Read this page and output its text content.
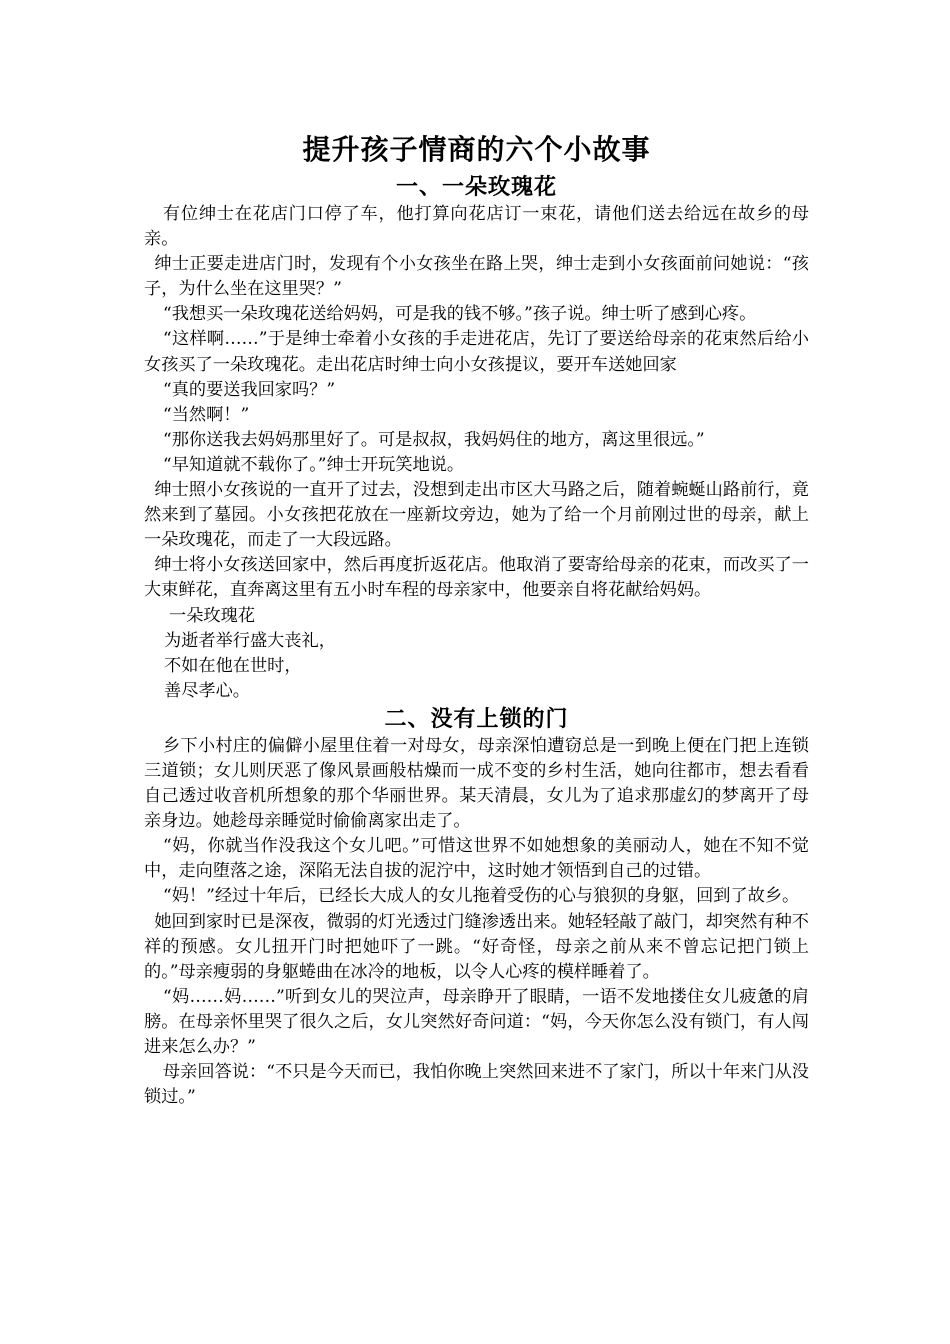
提升孩子情商的六个小故事
一、一朵玫瑰花

有位绅士在花店门口停了车，他打算向花店订一束花，请他们送去给远在故乡的母亲。

绅士正要走进店门时，发现有个小女孩坐在路上哭，绅士走到小女孩面前问她说：“孩子，为什么坐在这里哭？”

“我想买一朵玫瑰花送给妈妈，可是我的钱不够。”孩子说。绅士听了感到心疼。

“这样啊……”于是绅士牵着小女孩的手走进花店，先订了要送给母亲的花束然后给小女孩买了一朵玫瑰花。走出花店时绅士向小女孩提议，要开车送她回家

“真的要送我回家吗？”

“当然啊！”

“那你送我去妈妈那里好了。可是叔叔，我妈妈住的地方，离这里很远。”

“早知道就不载你了。”绅士开玩笑地说。

绅士照小女孩说的一直开了过去，没想到走出市区大马路之后，随着蜿蜒山路前行，竟然来到了墓园。小女孩把花放在一座新坟旁边，她为了给一个月前刚过世的母亲，献上一朵玫瑰花，而走了一大段远路。

绅士将小女孩送回家中，然后再度折返花店。他取消了要寄给母亲的花束，而改买了一大束鲜花，直奔离这里有五小时车程的母亲家中，他要亲自将花献给妈妈。

一朵玫瑰花

为逝者举行盛大丧礼，

不如在他在世时，

善尽孝心。

二、没有上锁的门

乡下小村庄的偏僻小屋里住着一对母女，母亲深怕遭窃总是一到晚上便在门把上连锁三道锁；女儿则厌恶了像风景画般枯燥而一成不变的乡村生活，她向往都市，想去看看自己透过收音机所想象的那个华丽世界。某天清晨，女儿为了追求那虚幻的梦离开了母亲身边。她趁母亲睡觉时偷偷离家出走了。

“妈，你就当作没我这个女儿吧。”可惜这世界不如她想象的美丽动人，她在不知不觉中，走向堕落之途，深陷无法自拔的泥泞中，这时她才领悟到自己的过错。

“妈！”经过十年后，已经长大成人的女儿拖着受伤的心与狼狈的身躯，回到了故乡。

她回到家时已是深夜，微弱的灯光透过门缝渗透出来。她轻轻敲了敲门，却突然有种不祥的预感。女儿扭开门时把她吓了一跳。“好奇怪，母亲之前从来不曾忘记把门锁上的。”母亲瘦弱的身躯蜷曲在冰冷的地板，以令人心疼的模样睡着了。

“妈……妈……”听到女儿的哭泣声，母亲睁开了眼睛，一语不发地搂住女儿疲惫的肩膀。在母亲怀里哭了很久之后，女儿突然好奇问道：“妈，今天你怎么没有锁门，有人闯进来怎么办？”

母亲回答说：“不只是今天而已，我怕你晚上突然回来进不了家门，所以十年来门从没锁过。”
